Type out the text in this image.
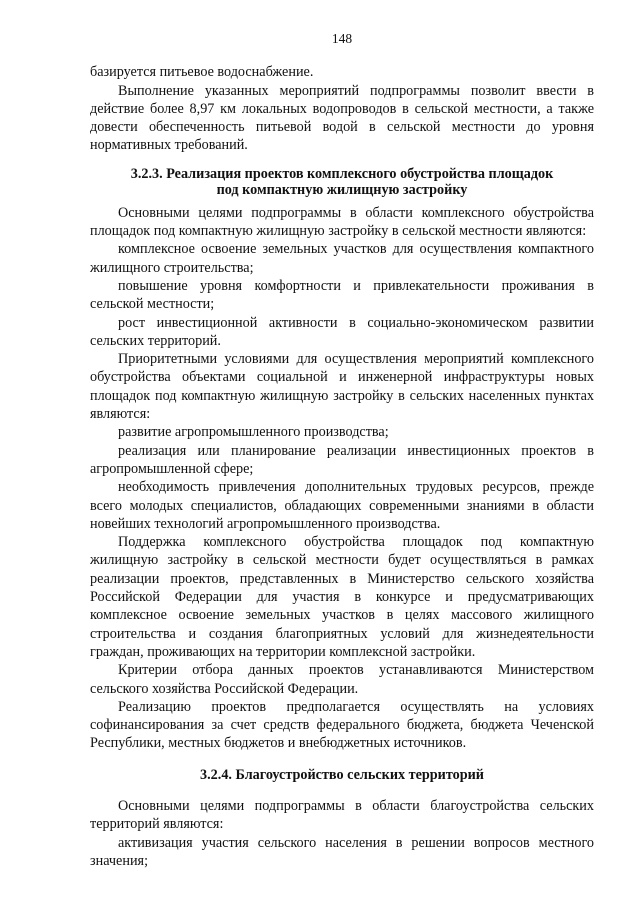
148

базируется питьевое водоснабжение.

Выполнение указанных мероприятий подпрограммы позволит ввести в действие более 8,97 км локальных водопроводов в сельской местности, а также довести обеспеченность питьевой водой в сельской местности до уровня нормативных требований.

3.2.3. Реализация проектов комплексного обустройства площадок
под компактную жилищную застройку

Основными целями подпрограммы в области комплексного обустройства площадок под компактную жилищную застройку в сельской местности являются:

комплексное освоение земельных участков для осуществления компактного жилищного строительства;

повышение уровня комфортности и привлекательности проживания в сельской местности;

рост инвестиционной активности в социально-экономическом развитии сельских территорий.

Приоритетными условиями для осуществления мероприятий комплексного обустройства объектами социальной и инженерной инфраструктуры новых площадок под компактную жилищную застройку в сельских населенных пунктах являются:

развитие агропромышленного производства;

реализация или планирование реализации инвестиционных проектов в агропромышленной сфере;

необходимость привлечения дополнительных трудовых ресурсов, прежде всего молодых специалистов, обладающих современными знаниями в области новейших технологий агропромышленного производства.

Поддержка комплексного обустройства площадок под компактную жилищную застройку в сельской местности будет осуществляться в рамках реализации проектов, представленных в Министерство сельского хозяйства Российской Федерации для участия в конкурсе и предусматривающих комплексное освоение земельных участков в целях массового жилищного строительства и создания благоприятных условий для жизнедеятельности граждан, проживающих на территории комплексной застройки.

Критерии отбора данных проектов устанавливаются Министерством сельского хозяйства Российской Федерации.

Реализацию проектов предполагается осуществлять на условиях софинансирования за счет средств федерального бюджета, бюджета Чеченской Республики, местных бюджетов и внебюджетных источников.

3.2.4. Благоустройство сельских территорий

Основными целями подпрограммы в области благоустройства сельских территорий являются:

активизация участия сельского населения в решении вопросов местного значения;
